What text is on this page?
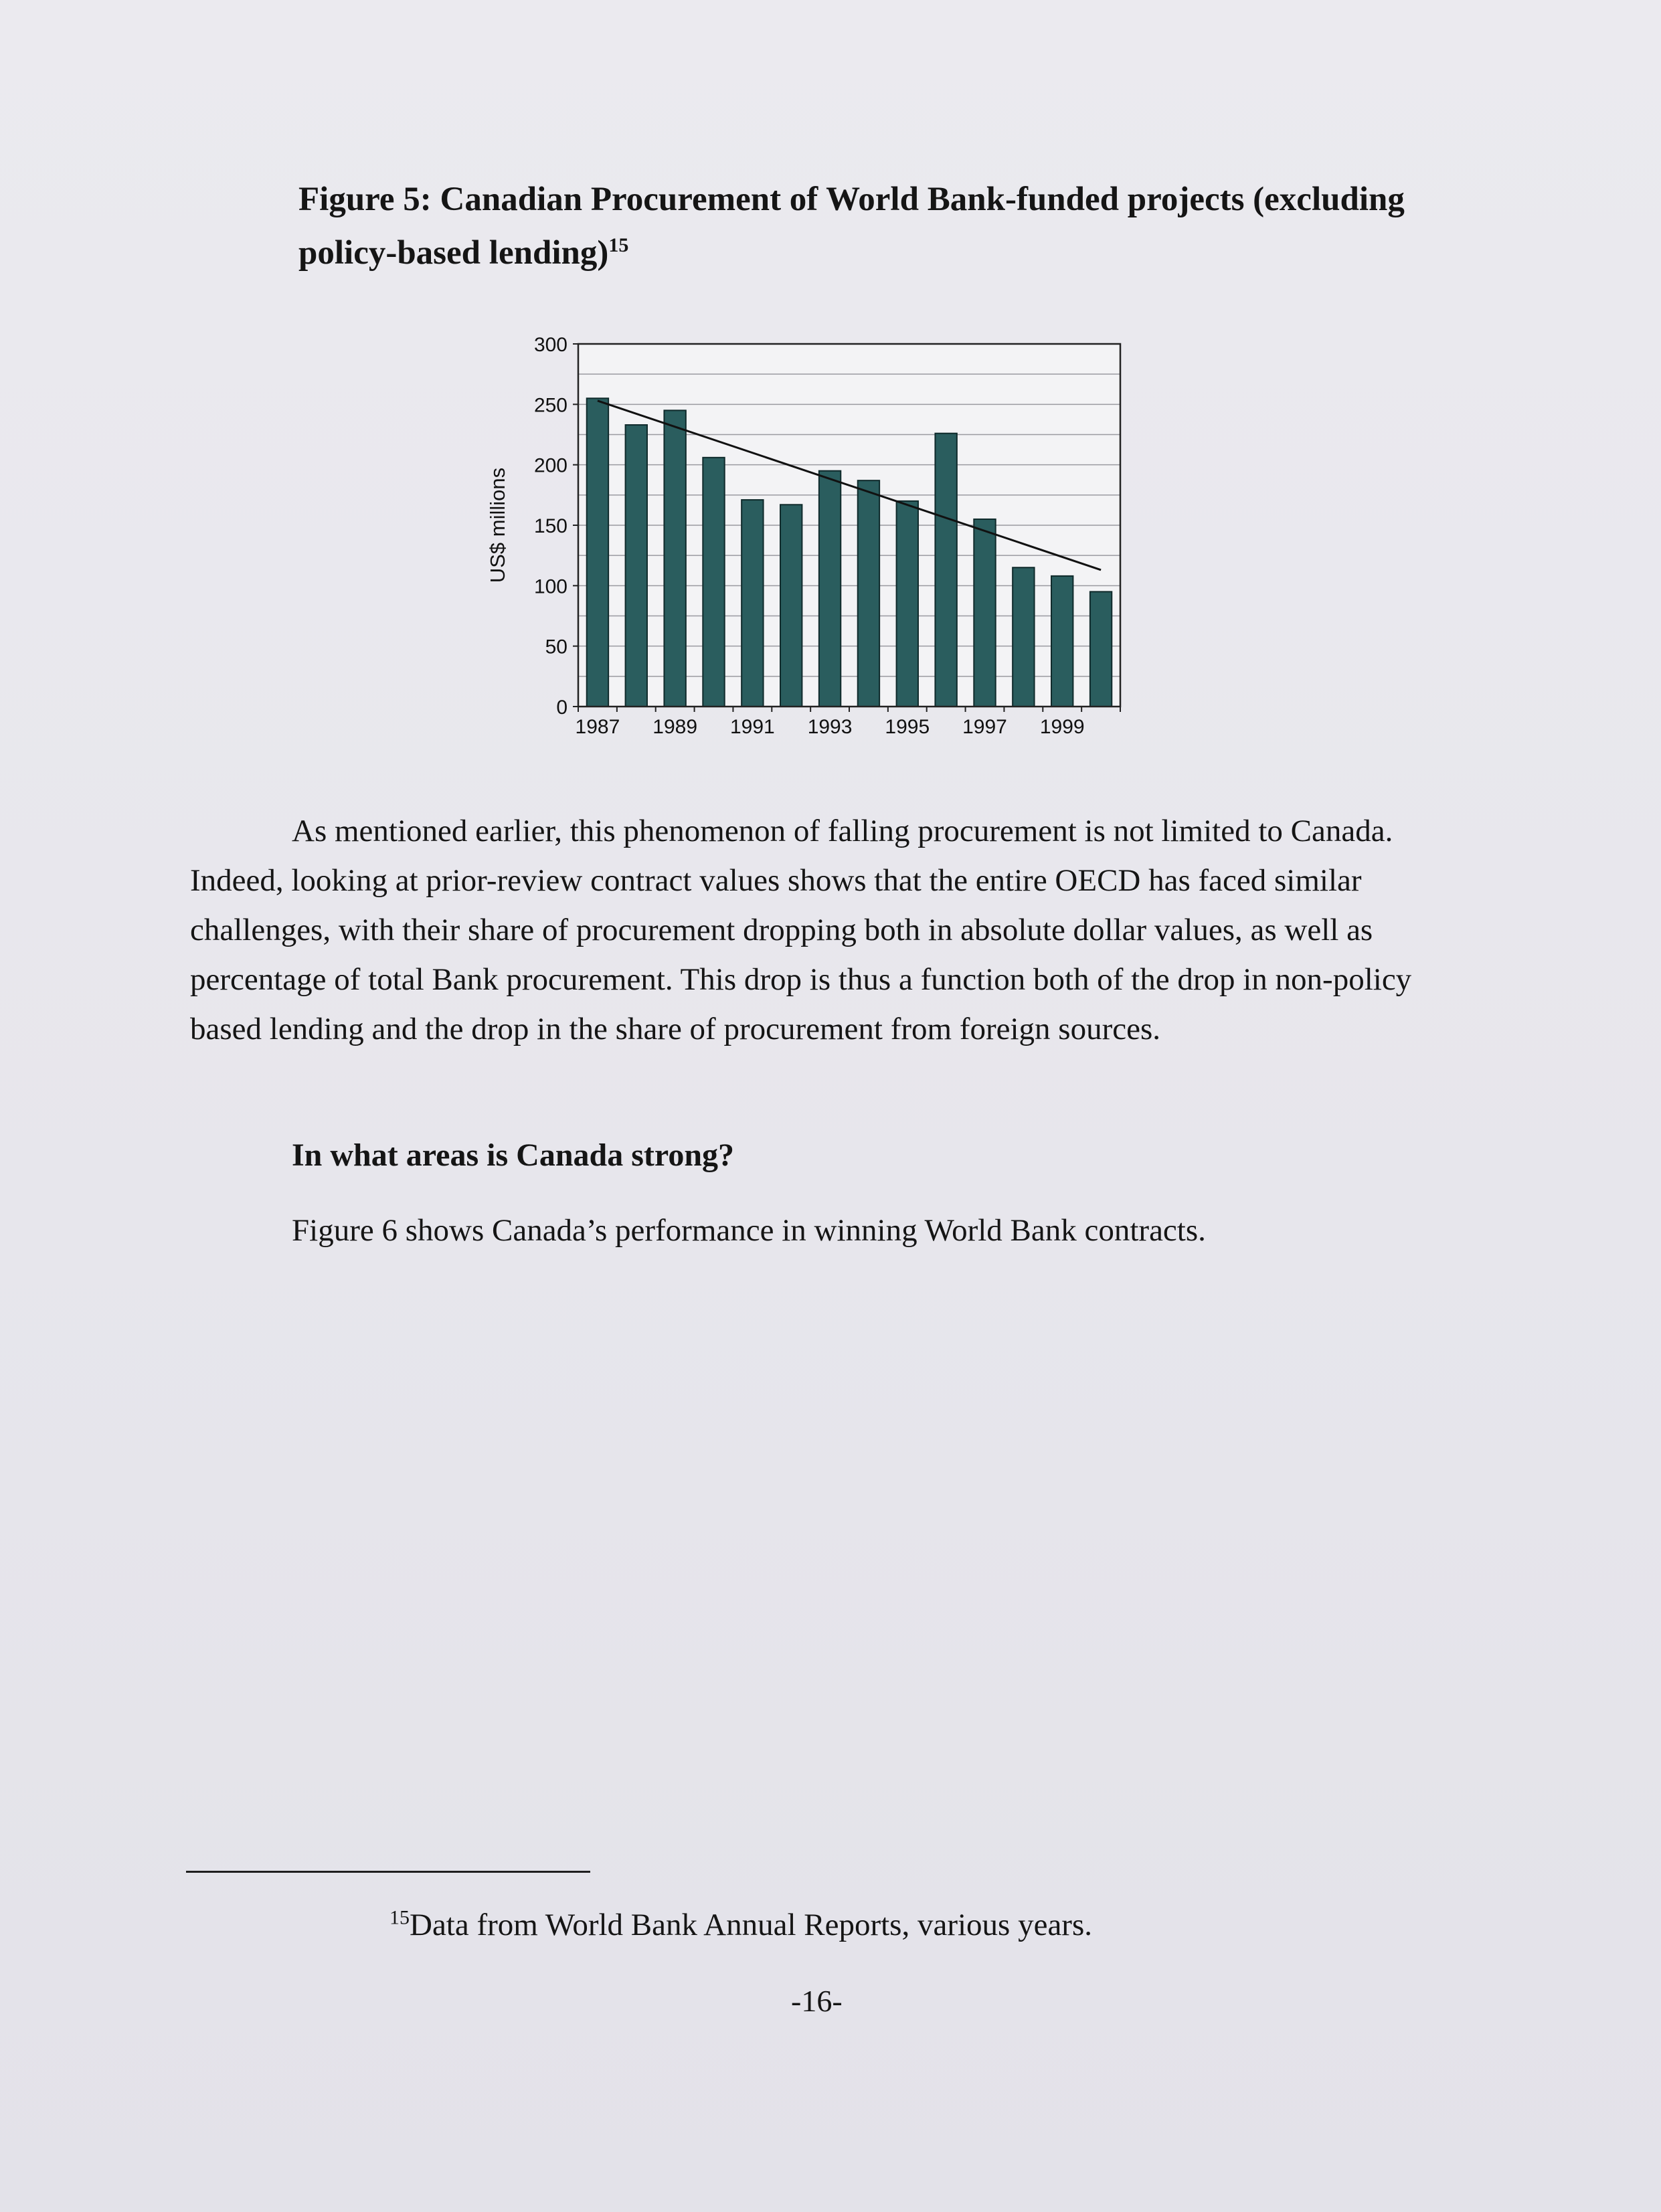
Figure 5: Canadian Procurement of World Bank-funded projects (excluding policy-based lending)$^{15}$
0
50
100
150
200
250
300
US$ millions
1987 1989 1991 1993 1995 1997 1999
As mentioned earlier, this phenomenon of falling procurement is not limited to Canada. Indeed, looking at prior-review contract values shows that the entire OECD has faced similar challenges, with their share of procurement dropping both in absolute dollar values, as well as percentage of total Bank procurement. This drop is thus a function both of the drop in non-policy based lending and the drop in the share of procurement from foreign sources.
In what areas is Canada strong?
Figure 6 shows Canada’s performance in winning World Bank contracts.
$^{15}$Data from World Bank Annual Reports, various years.
-16-
